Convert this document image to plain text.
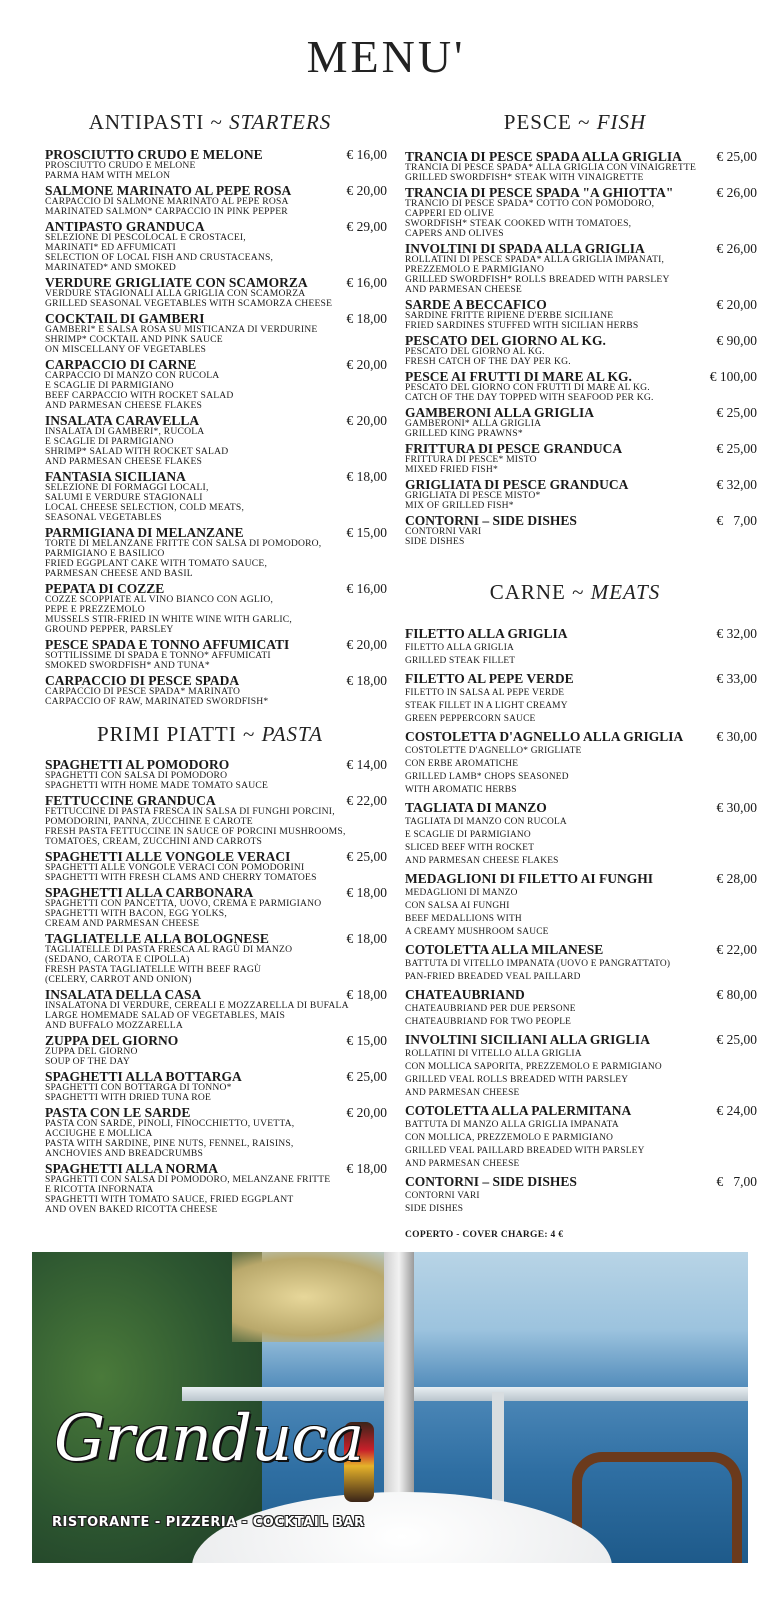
MENU'
ANTIPASTI ~ STARTERS
PROSCIUTTO CRUDO E MELONE	€ 16,00
PROSCIUTTO CRUDO E MELONE
PARMA HAM WITH MELON
SALMONE MARINATO AL PEPE ROSA	€ 20,00
CARPACCIO DI SALMONE MARINATO AL PEPE ROSA
MARINATED SALMON* CARPACCIO IN PINK PEPPER
ANTIPASTO GRANDUCA	€ 29,00
SELEZIONE DI PESCOLOCAL E CROSTACEI,
MARINATI* ED AFFUMICATI
SELECTION OF LOCAL FISH AND CRUSTACEANS,
MARINATED* AND SMOKED
VERDURE GRIGLIATE CON SCAMORZA	€ 16,00
VERDURE STAGIONALI ALLA GRIGLIA CON SCAMORZA
GRILLED SEASONAL VEGETABLES WITH SCAMORZA CHEESE
COCKTAIL DI GAMBERI	€ 18,00
GAMBERI* E SALSA ROSA SU MISTICANZA DI VERDURINE
SHRIMP* COCKTAIL AND PINK SAUCE
ON MISCELLANY OF VEGETABLES
CARPACCIO DI CARNE	€ 20,00
CARPACCIO DI MANZO CON RUCOLA
E SCAGLIE DI PARMIGIANO
BEEF CARPACCIO WITH ROCKET SALAD
AND PARMESAN CHEESE FLAKES
INSALATA CARAVELLA	€ 20,00
INSALATA DI GAMBERI*, RUCOLA
E SCAGLIE DI PARMIGIANO
SHRIMP* SALAD WITH ROCKET SALAD
AND PARMESAN CHEESE FLAKES
FANTASIA SICILIANA	€ 18,00
SELEZIONE DI FORMAGGI LOCALI,
SALUMI E VERDURE STAGIONALI
LOCAL CHEESE SELECTION, COLD MEATS,
SEASONAL VEGETABLES
PARMIGIANA DI MELANZANE	€ 15,00
TORTE DI MELANZANE FRITTE CON SALSA DI POMODORO,
PARMIGIANO E BASILICO
FRIED EGGPLANT CAKE WITH TOMATO SAUCE,
PARMESAN CHEESE AND BASIL
PEPATA DI COZZE	€ 16,00
COZZE SCOPPIATE AL VINO BIANCO CON AGLIO,
PEPE E PREZZEMOLO
MUSSELS STIR-FRIED IN WHITE WINE WITH GARLIC,
GROUND PEPPER, PARSLEY
PESCE SPADA E TONNO AFFUMICATI	€ 20,00
SOTTILISSIME DI SPADA E TONNO* AFFUMICATI
SMOKED SWORDFISH* AND TUNA*
CARPACCIO DI PESCE SPADA	€ 18,00
CARPACCIO DI PESCE SPADA* MARINATO
CARPACCIO OF RAW, MARINATED SWORDFISH*
PRIMI PIATTI ~ PASTA
SPAGHETTI AL POMODORO	€ 14,00
SPAGHETTI CON SALSA DI POMODORO
SPAGHETTI WITH HOME MADE TOMATO SAUCE
FETTUCCINE GRANDUCA	€ 22,00
FETTUCCINE DI PASTA FRESCA IN SALSA DI FUNGHI PORCINI,
POMODORINI, PANNA, ZUCCHINE E CAROTE
FRESH PASTA FETTUCCINE IN SAUCE OF PORCINI MUSHROOMS,
TOMATOES, CREAM, ZUCCHINI AND CARROTS
SPAGHETTI ALLE VONGOLE VERACI	€ 25,00
SPAGHETTI ALLE VONGOLE VERACI CON POMODORINI
SPAGHETTI WITH FRESH CLAMS AND CHERRY TOMATOES
SPAGHETTI ALLA CARBONARA	€ 18,00
SPAGHETTI CON PANCETTA, UOVO, CREMA E PARMIGIANO
SPAGHETTI WITH BACON, EGG YOLKS,
CREAM AND PARMESAN CHEESE
TAGLIATELLE ALLA BOLOGNESE	€ 18,00
TAGLIATELLE DI PASTA FRESCA AL RAGÙ DI MANZO
(SEDANO, CAROTA E CIPOLLA)
FRESH PASTA TAGLIATELLE WITH BEEF RAGÙ
(CELERY, CARROT AND ONION)
INSALATA DELLA CASA	€ 18,00
INSALATONA DI VERDURE, CEREALI E MOZZARELLA DI BUFALA
LARGE HOMEMADE SALAD OF VEGETABLES, MAIS
AND BUFFALO MOZZARELLA
ZUPPA DEL GIORNO	€ 15,00
ZUPPA DEL GIORNO
SOUP OF THE DAY
SPAGHETTI ALLA BOTTARGA	€ 25,00
SPAGHETTI CON BOTTARGA DI TONNO*
SPAGHETTI WITH DRIED TUNA ROE
PASTA CON LE SARDE	€ 20,00
PASTA CON SARDE, PINOLI, FINOCCHIETTO, UVETTA,
ACCIUGHE E MOLLICA
PASTA WITH SARDINE, PINE NUTS, FENNEL, RAISINS,
ANCHOVIES AND BREADCRUMBS
SPAGHETTI ALLA NORMA	€ 18,00
SPAGHETTI CON SALSA DI POMODORO, MELANZANE FRITTE
E RICOTTA INFORNATA
SPAGHETTI WITH TOMATO SAUCE, FRIED EGGPLANT
AND OVEN BAKED RICOTTA CHEESE
PESCE ~ FISH
TRANCIA DI PESCE SPADA ALLA GRIGLIA	€ 25,00
TRANCIA DI PESCE SPADA* ALLA GRIGLIA CON VINAIGRETTE
GRILLED SWORDFISH* STEAK WITH VINAIGRETTE
TRANCIA DI PESCE SPADA "A GHIOTTA"	€ 26,00
TRANCIO DI PESCE SPADA* COTTO CON POMODORO,
CAPPERI ED OLIVE
SWORDFISH* STEAK COOKED WITH TOMATOES,
CAPERS AND OLIVES
INVOLTINI DI SPADA ALLA GRIGLIA	€ 26,00
ROLLATINI DI PESCE SPADA* ALLA GRIGLIA IMPANATI,
PREZZEMOLO E PARMIGIANO
GRILLED SWORDFISH* ROLLS BREADED WITH PARSLEY
AND PARMESAN CHEESE
SARDE A BECCAFICO	€ 20,00
SARDINE FRITTE RIPIENE D'ERBE SICILIANE
FRIED SARDINES STUFFED WITH SICILIAN HERBS
PESCATO DEL GIORNO AL KG.	€ 90,00
PESCATO DEL GIORNO AL KG.
FRESH CATCH OF THE DAY PER KG.
PESCE AI FRUTTI DI MARE AL KG.	€ 100,00
PESCATO DEL GIORNO CON FRUTTI DI MARE AL KG.
CATCH OF THE DAY TOPPED WITH SEAFOOD PER KG.
GAMBERONI ALLA GRIGLIA	€ 25,00
GAMBERONI* ALLA GRIGLIA
GRILLED KING PRAWNS*
FRITTURA DI PESCE GRANDUCA	€ 25,00
FRITTURA DI PESCE* MISTO
MIXED FRIED FISH*
GRIGLIATA DI PESCE GRANDUCA	€ 32,00
GRIGLIATA DI PESCE MISTO*
MIX OF GRILLED FISH*
CONTORNI – SIDE DISHES	€   7,00
CONTORNI VARI
SIDE DISHES
CARNE ~ MEATS
FILETTO ALLA GRIGLIA	€ 32,00
FILETTO ALLA GRIGLIA
GRILLED STEAK FILLET
FILETTO AL PEPE VERDE	€ 33,00
FILETTO IN SALSA AL PEPE VERDE
STEAK FILLET IN A LIGHT CREAMY
GREEN PEPPERCORN SAUCE
COSTOLETTA D'AGNELLO ALLA GRIGLIA	€ 30,00
COSTOLETTE D'AGNELLO* GRIGLIATE
CON ERBE AROMATICHE
GRILLED LAMB* CHOPS SEASONED
WITH AROMATIC HERBS
TAGLIATA DI MANZO	€ 30,00
TAGLIATA DI MANZO CON RUCOLA
E SCAGLIE DI PARMIGIANO
SLICED BEEF WITH ROCKET
AND PARMESAN CHEESE FLAKES
MEDAGLIONI DI FILETTO AI FUNGHI	€ 28,00
MEDAGLIONI DI MANZO
CON SALSA AI FUNGHI
BEEF MEDALLIONS WITH
A CREAMY MUSHROOM SAUCE
COTOLETTA ALLA MILANESE	€ 22,00
BATTUTA DI VITELLO IMPANATA (UOVO E PANGRATTATO)
PAN-FRIED BREADED VEAL PAILLARD
CHATEAUBRIAND	€ 80,00
CHATEAUBRIAND PER DUE PERSONE
CHATEAUBRIAND FOR TWO PEOPLE
INVOLTINI SICILIANI ALLA GRIGLIA	€ 25,00
ROLLATINI DI VITELLO ALLA GRIGLIA
CON MOLLICA SAPORITA, PREZZEMOLO E PARMIGIANO
GRILLED VEAL ROLLS BREADED WITH PARSLEY
AND PARMESAN CHEESE
COTOLETTA ALLA PALERMITANA	€ 24,00
BATTUTA DI MANZO ALLA GRIGLIA IMPANATA
CON MOLLICA, PREZZEMOLO E PARMIGIANO
GRILLED VEAL PAILLARD BREADED WITH PARSLEY
AND PARMESAN CHEESE
CONTORNI – SIDE DISHES	€   7,00
CONTORNI VARI
SIDE DISHES
COPERTO - COVER CHARGE: 4 €
Granduca
RISTORANTE - PIZZERIA - COCKTAIL BAR
